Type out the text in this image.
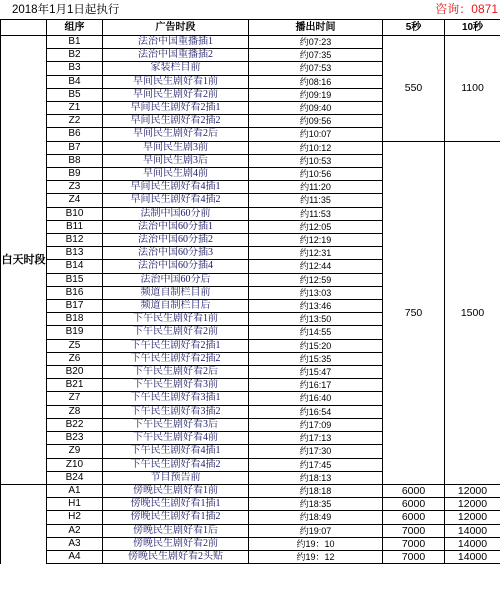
2018年1月1日起执行	咨询：0871
	组序	广告时段	播出时间	5秒	10秒
白天时段	B1	法治中国重播插1	约07:23	550	1100
	B2	法治中国重播插2	约07:35		
	B3	家装栏目前	约07:53		
	B4	早间民生剧好看1前	约08:16		
	B5	早间民生剧好看2前	约09:19		
	Z1	早间民生剧好看2插1	约09:40		
	Z2	早间民生剧好看2插2	约09:56		
	B6	早间民生剧好看2后	约10:07		
	B7	早间民生剧3前	约10:12	750	1500
	B8	早间民生剧3后	约10:53		
	B9	早间民生剧4前	约10:56		
	Z3	早间民生剧好看4插1	约11:20		
	Z4	早间民生剧好看4插2	约11:35		
	B10	法制中国60分前	约11:53		
	B11	法治中国60分插1	约12:05		
	B12	法治中国60分插2	约12:19		
	B13	法治中国60分插3	约12:31		
	B14	法治中国60分插4	约12:44		
	B15	法治中国60分后	约12:59		
	B16	频道自制栏目前	约13:03		
	B17	频道自制栏目后	约13:46		
	B18	下午民生剧好看1前	约13:50		
	B19	下午民生剧好看2前	约14:55		
	Z5	下午民生剧好看2插1	约15:20		
	Z6	下午民生剧好看2插2	约15:35		
	B20	下午民生剧好看2后	约15:47		
	B21	下午民生剧好看3前	约16:17		
	Z7	下午民生剧好看3插1	约16:40		
	Z8	下午民生剧好看3插2	约16:54		
	B22	下午民生剧好看3后	约17:09		
	B23	下午民生剧好看4前	约17:13		
	Z9	下午民生剧好看4插1	约17:30		
	Z10	下午民生剧好看4插2	约17:45		
	B24	节目预告前	约18:13		
	A1	傍晚民生剧好看1前	约18:18	6000	12000
	H1	傍晚民生剧好看1插1	约18:35	6000	12000
	H2	傍晚民生剧好看1插2	约18:49	6000	12000
	A2	傍晚民生剧好看1后	约19:07	7000	14000
	A3	傍晚民生剧好看2前	约19：10	7000	14000
	A4	傍晚民生剧好看2头贴	约19：12	7000	14000
